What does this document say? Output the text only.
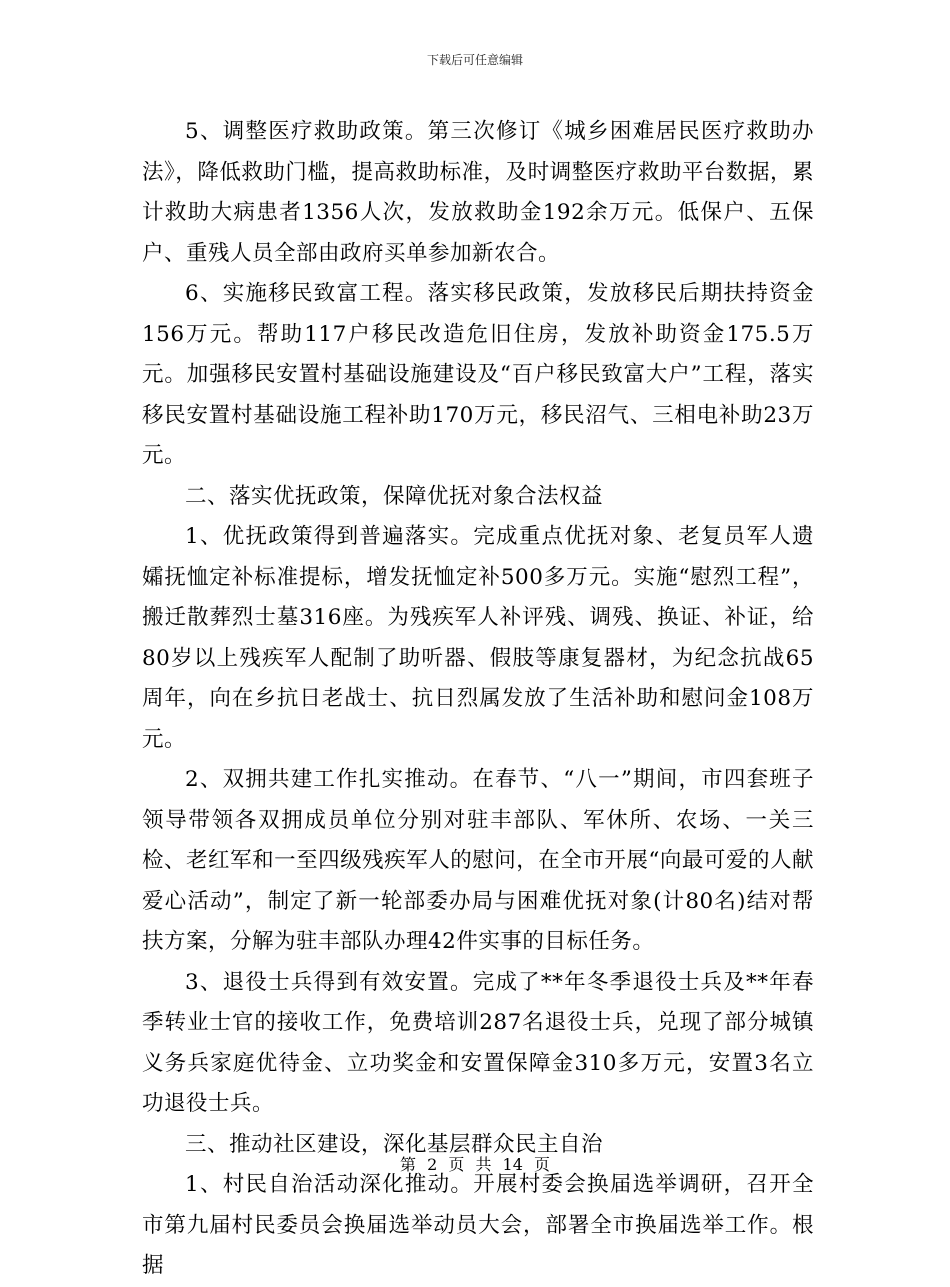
下载后可任意编辑

5、调整医疗救助政策。第三次修订《城乡困难居民医疗救助办法》，降低救助门槛，提高救助标准，及时调整医疗救助平台数据，累计救助大病患者1356人次，发放救助金192余万元。低保户、五保户、重残人员全部由政府买单参加新农合。

6、实施移民致富工程。落实移民政策，发放移民后期扶持资金156万元。帮助117户移民改造危旧住房，发放补助资金175.5万元。加强移民安置村基础设施建设及“百户移民致富大户”工程，落实移民安置村基础设施工程补助170万元，移民沼气、三相电补助23万元。

二、落实优抚政策，保障优抚对象合法权益

1、优抚政策得到普遍落实。完成重点优抚对象、老复员军人遗孀抚恤定补标准提标，增发抚恤定补500多万元。实施“慰烈工程”，搬迁散葬烈士墓316座。为残疾军人补评残、调残、换证、补证，给80岁以上残疾军人配制了助听器、假肢等康复器材，为纪念抗战65周年，向在乡抗日老战士、抗日烈属发放了生活补助和慰问金108万元。

2、双拥共建工作扎实推动。在春节、“八一”期间，市四套班子领导带领各双拥成员单位分别对驻丰部队、军休所、农场、一关三检、老红军和一至四级残疾军人的慰问，在全市开展“向最可爱的人献爱心活动”，制定了新一轮部委办局与困难优抚对象(计80名)结对帮扶方案，分解为驻丰部队办理42件实事的目标任务。

3、退役士兵得到有效安置。完成了**年冬季退役士兵及**年春季转业士官的接收工作，免费培训287名退役士兵，兑现了部分城镇义务兵家庭优待金、立功奖金和安置保障金310多万元，安置3名立功退役士兵。

三、推动社区建设，深化基层群众民主自治

1、村民自治活动深化推动。开展村委会换届选举调研，召开全市第九届村民委员会换届选举动员大会，部署全市换届选举工作。根据

第 2 页 共 14 页
